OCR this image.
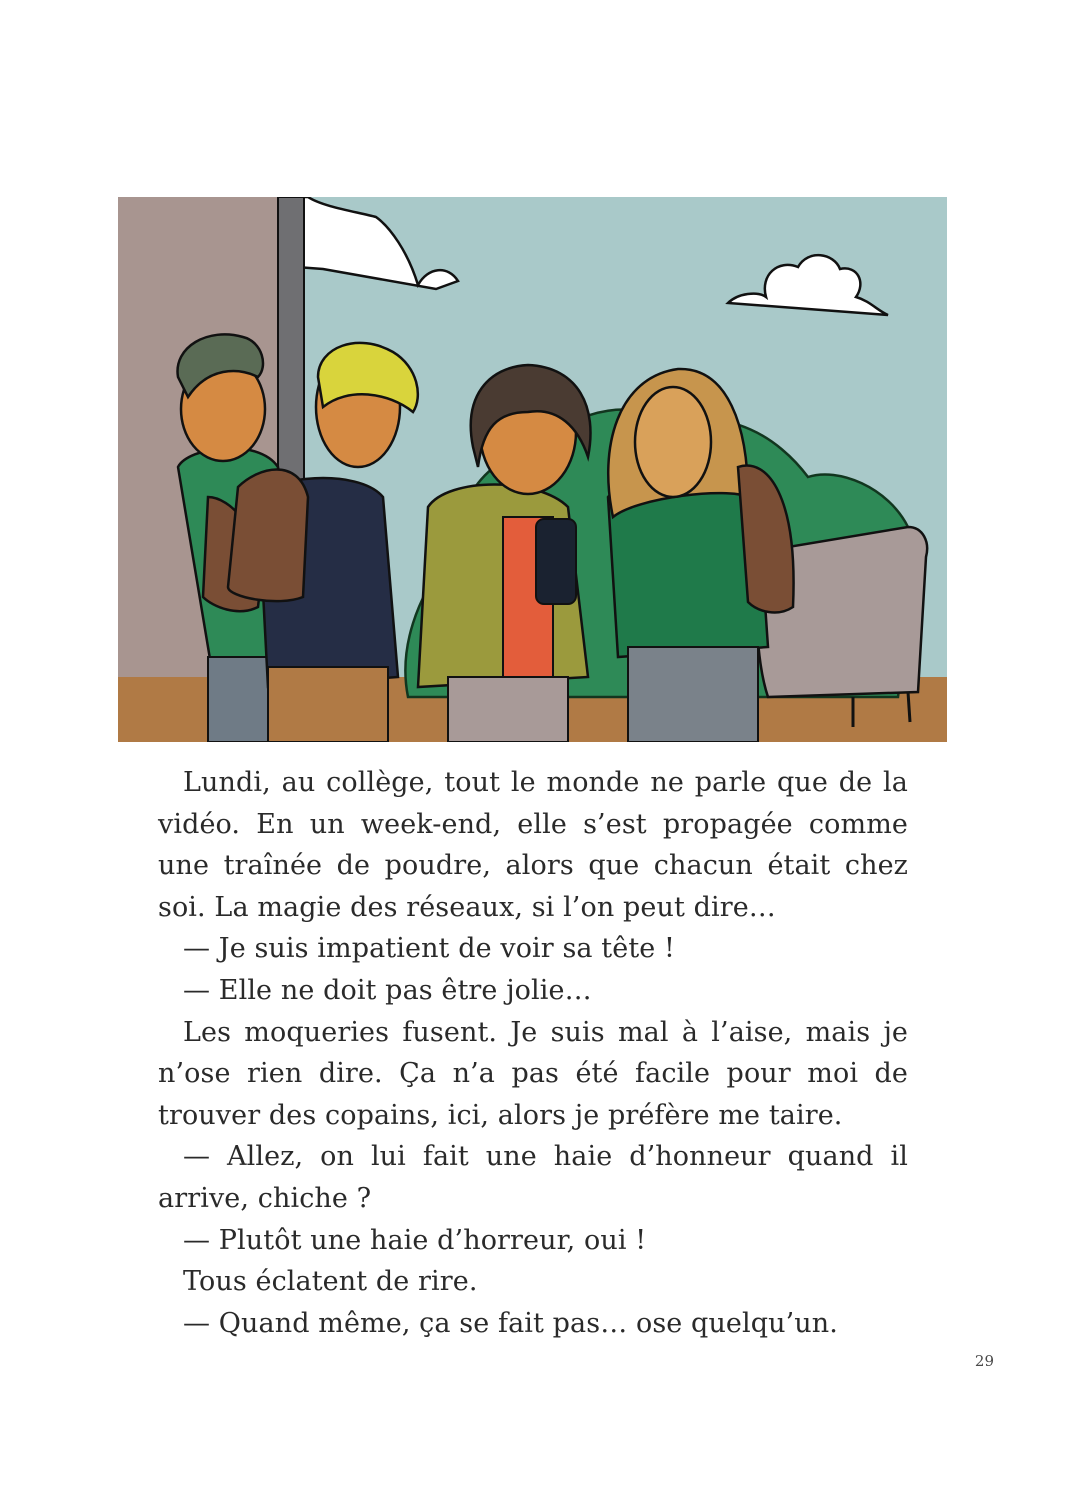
Lundi, au collège, tout le monde ne parle que de la vidéo. En un week-end, elle s’est propagée comme une traînée de poudre, alors que chacun était chez soi. La magie des réseaux, si l’on peut dire…

— Je suis impatient de voir sa tête !

— Elle ne doit pas être jolie…

Les moqueries fusent. Je suis mal à l’aise, mais je n’ose rien dire. Ça n’a pas été facile pour moi de trouver des copains, ici, alors je préfère me taire.

— Allez, on lui fait une haie d’honneur quand il arrive, chiche ?

— Plutôt une haie d’horreur, oui !

Tous éclatent de rire.

— Quand même, ça se fait pas… ose quelqu’un.

29
